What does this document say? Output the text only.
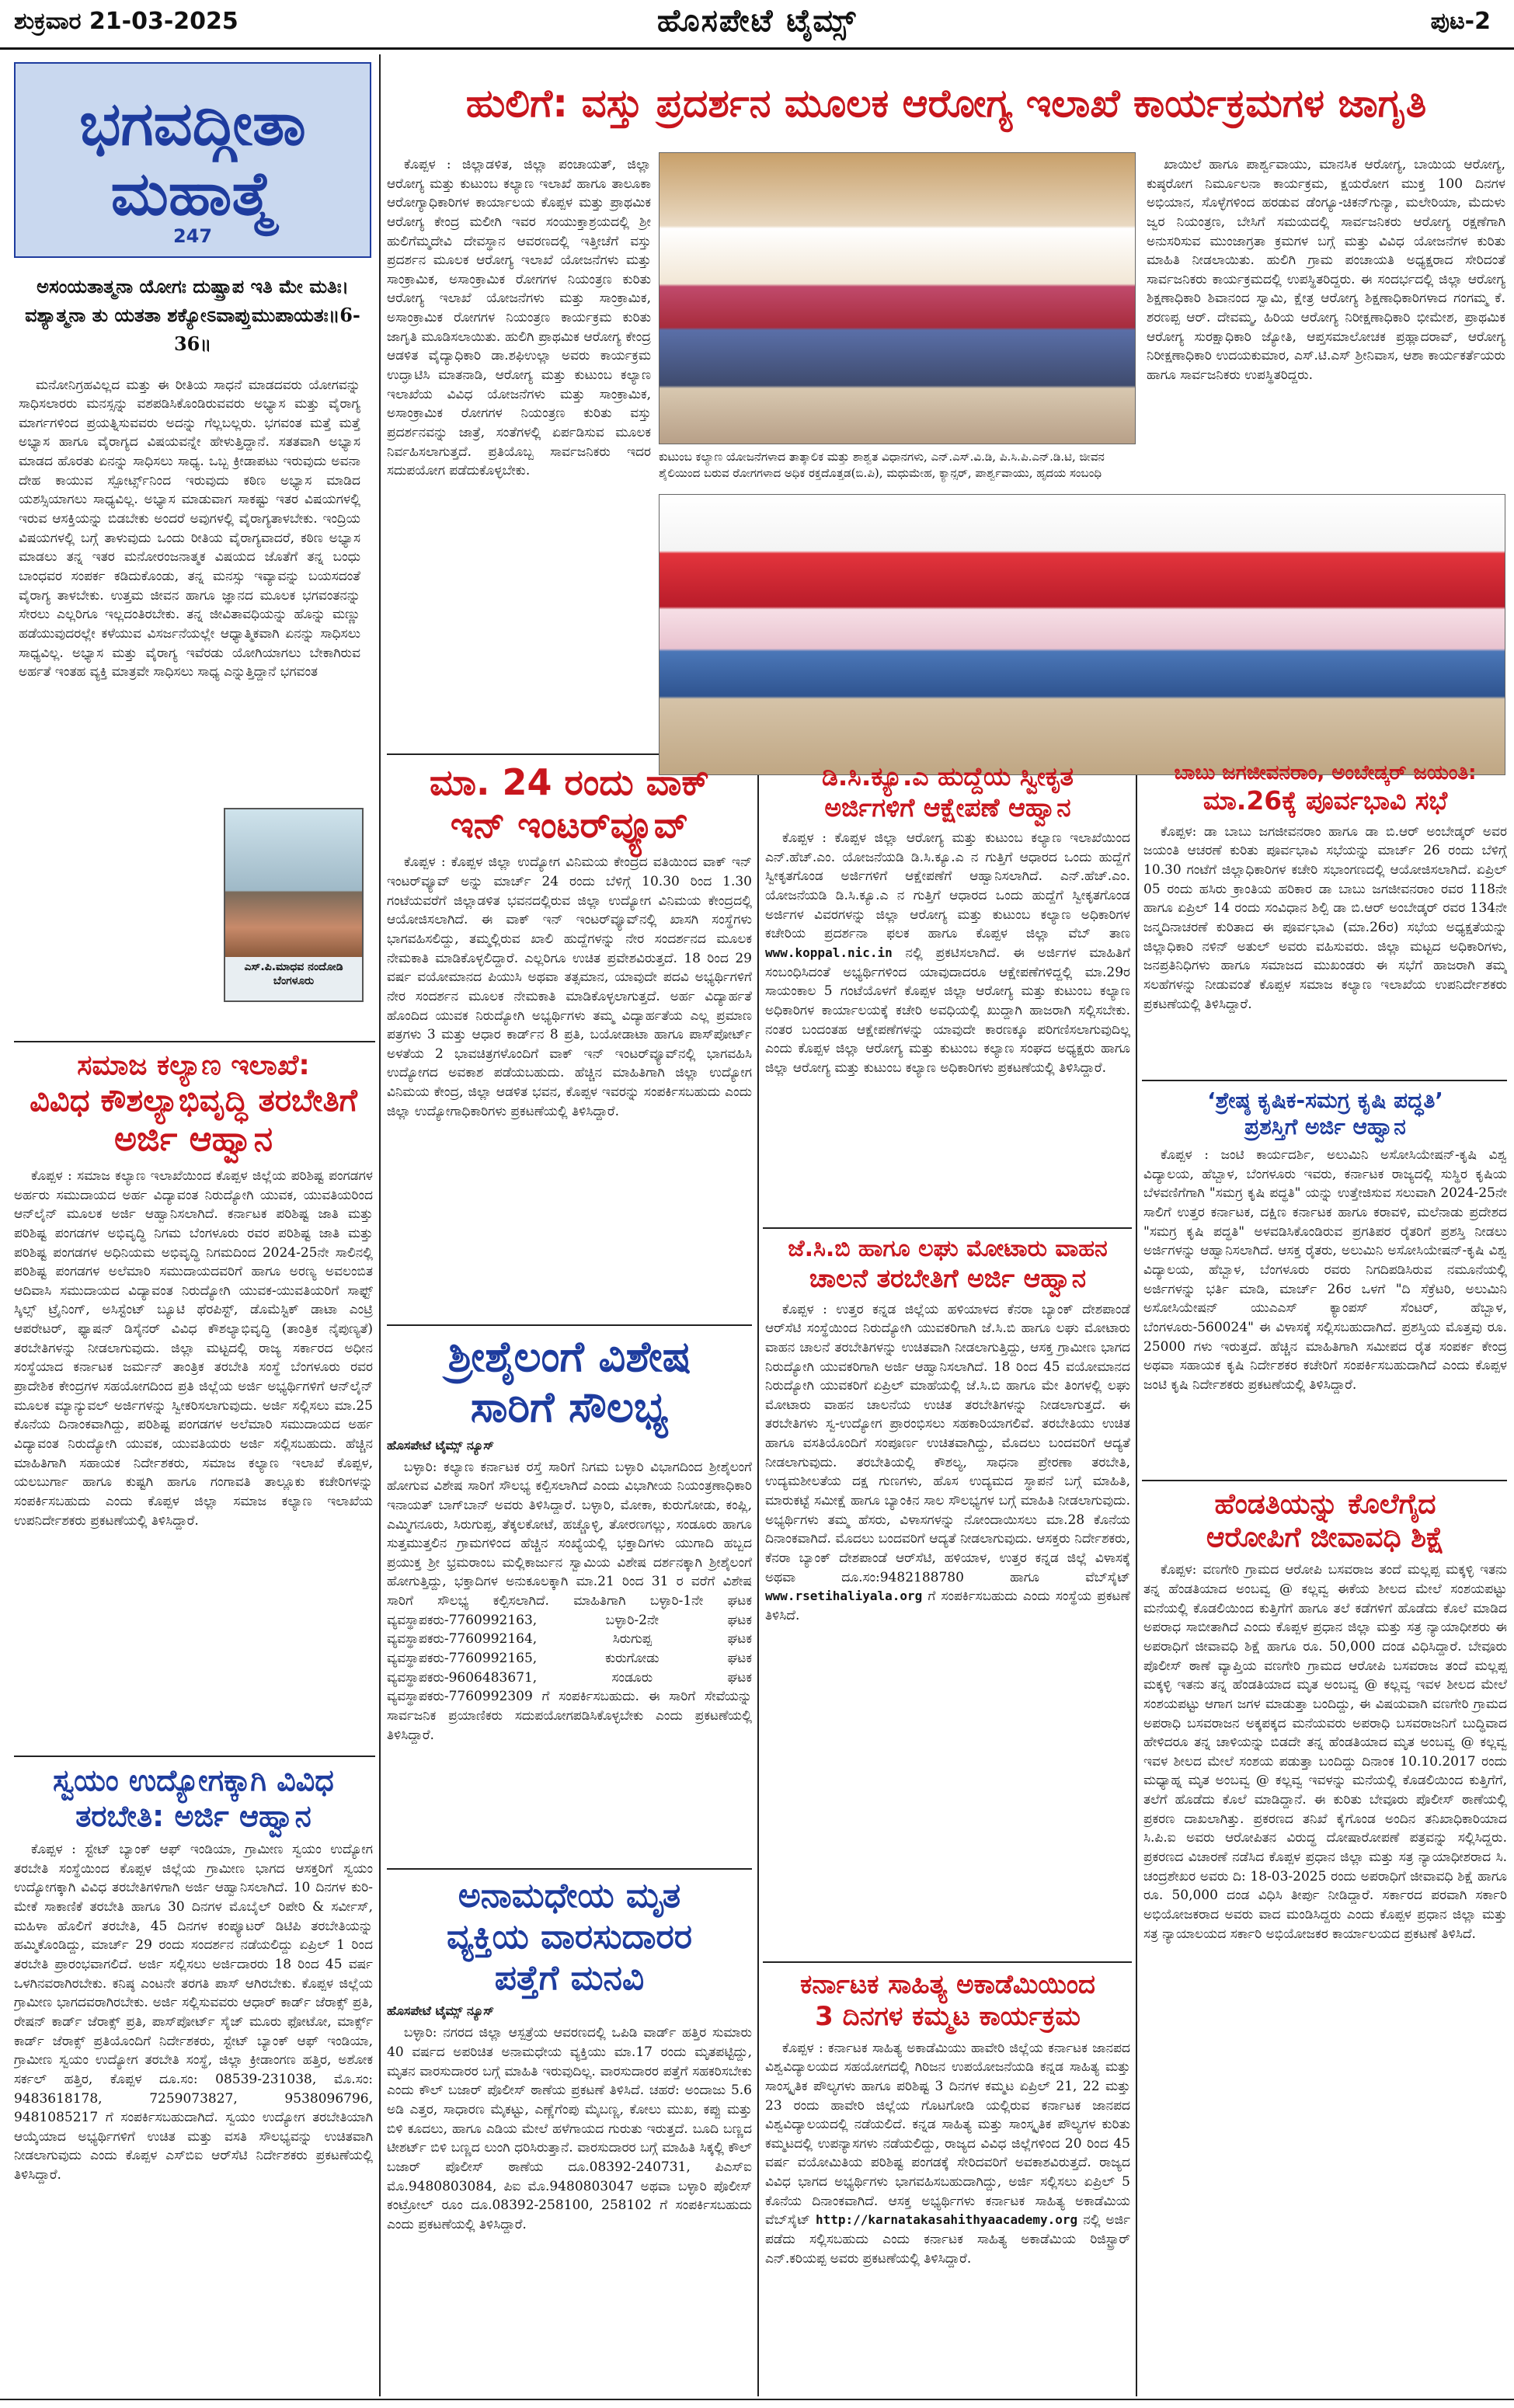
ಶುಕ್ರವಾರ 21-03-2025	ಹೊಸಪೇಟೆ ಟೈಮ್ಸ್	ಪುಟ-2
ಭಗವದ್ಗೀತಾ
ಮಹಾತ್ಮೆ
247
ಅಸಂಯತಾತ್ಮನಾ ಯೋಗಃ ದುಷ್ಪ್ರಾಪ ಇತಿ ಮೇ ಮತಿಃ। ವಶ್ಯಾತ್ಮನಾ ತು ಯತತಾ ಶಕ್ಯೋಽವಾಪ್ತುಮುಪಾಯತಃ॥6-36॥

ಮನೋನಿಗ್ರಹವಿಲ್ಲದ ಮತ್ತು ಈ ರೀತಿಯ ಸಾಧನೆ ಮಾಡದವರು ಯೋಗವನ್ನು ಸಾಧಿಸಲಾರರು ಮನಸ್ಸನ್ನು ವಶಪಡಿಸಿಕೊಂಡಿರುವವರು ಅಭ್ಯಾಸ ಮತ್ತು ವೈರಾಗ್ಯ ಮಾರ್ಗಗಳಿಂದ ಪ್ರಯತ್ನಿಸುವವರು ಅದನ್ನು ಗೆಲ್ಲಬಲ್ಲರು. ಭಗವಂತ ಮತ್ತೆ ಮತ್ತೆ ಅಭ್ಯಾಸ ಹಾಗೂ ವೈರಾಗ್ಯದ ವಿಷಯವನ್ನೇ ಹೇಳುತ್ತಿದ್ದಾನೆ. ಸತತವಾಗಿ ಅಭ್ಯಾಸ ಮಾಡದ ಹೊರತು ಏನನ್ನು ಸಾಧಿಸಲು ಸಾಧ್ಯ. ಒಬ್ಬ ಕ್ರೀಡಾಪಟು ಇರುವುದು ಅವನಾ ದೇಹ ಕಾಯುವ ಸ್ಪೋರ್ಟ್ಸ್‌ನಿಂದ ಇರುವುದು ಕಠಿಣ ಅಭ್ಯಾಸ ಮಾಡಿದ ಯಶಸ್ಸಿಯಾಗಲು ಸಾಧ್ಯವಿಲ್ಲ. ಅಭ್ಯಾಸ ಮಾಡುವಾಗ ಸಾಕಷ್ಟು ಇತರ ವಿಷಯಗಳಲ್ಲಿ ಇರುವ ಆಸಕ್ತಿಯನ್ನು ಬಿಡಬೇಕು ಅಂದರೆ ಅವುಗಳಲ್ಲಿ ವೈರಾಗ್ಯತಾಳಬೇಕು. ಇಂದ್ರಿಯ ವಿಷಯಗಳಲ್ಲಿ ಬಗ್ಗೆ ತಾಳುವುದು ಒಂದು ರೀತಿಯ ವೈರಾಗ್ಯವಾದರೆ, ಕಠಿಣ ಅಭ್ಯಾಸ ಮಾಡಲು ತನ್ನ ಇತರ ಮನೋರಂಜನಾತ್ಮಕ ವಿಷಯದ ಜೊತೆಗೆ ತನ್ನ ಬಂಧು ಬಾಂಧವರ ಸಂಪರ್ಕ ಕಡಿದುಕೊಂಡು, ತನ್ನ ಮನಸ್ಸು ಇವ್ಯಾವನ್ನು ಬಯಸದಂತೆ ವೈರಾಗ್ಯ ತಾಳಬೇಕು. ಉತ್ತಮ ಜೀವನ ಹಾಗೂ ಜ್ಞಾನದ ಮೂಲಕ ಭಗವಂತನನ್ನು ಸೇರಲು ಎಲ್ಲರಿಗೂ ಇಲ್ಲದಂತಿರಬೇಕು. ತನ್ನ ಜೀವಿತಾವಧಿಯನ್ನು ಹೊನ್ನು ಮಣ್ಣು ಹಡೆಯುವುದರಲ್ಲೇ ಕಳೆಯುವ ವಿಸರ್ಜನೆಯಲ್ಲೇ ಆಧ್ಯಾತ್ಮಿಕವಾಗಿ ಏನನ್ನು ಸಾಧಿಸಲು ಸಾಧ್ಯವಿಲ್ಲ. ಅಭ್ಯಾಸ ಮತ್ತು ವೈರಾಗ್ಯ ಇವೆರಡು ಯೋಗಿಯಾಗಲು ಬೇಕಾಗಿರುವ ಅರ್ಹತೆ ಇಂತಹ ವ್ಯಕ್ತಿ ಮಾತ್ರವೇ ಸಾಧಿಸಲು ಸಾಧ್ಯ ಎನ್ನುತ್ತಿದ್ದಾನೆ ಭಗವಂತ

ಎಸ್.ಪಿ.ಮಾಧವ ನಂದೋಡಿ
ಬೆಂಗಳೂರು
ಸಮಾಜ ಕಲ್ಯಾಣ ಇಲಾಖೆ:
ವಿವಿಧ ಕೌಶಲ್ಯಾಭಿವೃದ್ಧಿ ತರಬೇತಿಗೆ
ಅರ್ಜಿ ಆಹ್ವಾನ

ಕೊಪ್ಪಳ : ಸಮಾಜ ಕಲ್ಯಾಣ ಇಲಾಖೆಯಿಂದ ಕೊಪ್ಪಳ ಜಿಲ್ಲೆಯ ಪರಿಶಿಷ್ಟ ಪಂಗಡಗಳ ಅರ್ಹರು ಸಮುದಾಯದ ಅರ್ಹ ವಿದ್ಯಾವಂತ ನಿರುದ್ಯೋಗಿ ಯುವಕ, ಯುವತಿಯರಿಂದ ಆನ್‌ಲೈನ್ ಮೂಲಕ ಅರ್ಜಿ ಆಹ್ವಾನಿಸಲಾಗಿದೆ. ಕರ್ನಾಟಕ ಪರಿಶಿಷ್ಟ ಜಾತಿ ಮತ್ತು ಪರಿಶಿಷ್ಟ ಪಂಗಡಗಳ ಅಭಿವೃದ್ಧಿ ನಿಗಮ ಬೆಂಗಳೂರು ರವರ ಪರಿಶಿಷ್ಟ ಜಾತಿ ಮತ್ತು ಪರಿಶಿಷ್ಟ ಪಂಗಡಗಳ ಅಧಿನಿಯಮ ಅಭಿವೃದ್ಧಿ ನಿಗಮದಿಂದ 2024-25ನೇ ಸಾಲಿನಲ್ಲಿ ಪರಿಶಿಷ್ಟ ಪಂಗಡಗಳ ಅಲೆಮಾರಿ ಸಮುದಾಯದವರಿಗೆ ಹಾಗೂ ಅರಣ್ಯ ಅವಲಂಬಿತ ಆದಿವಾಸಿ ಸಮುದಾಯದ ವಿದ್ಯಾವಂತ ನಿರುದ್ಯೋಗಿ ಯುವಕ-ಯುವತಿಯರಿಗೆ ಸಾಫ್ಟ್ ಸ್ಕಿಲ್ಸ್ ಟ್ರೈನಿಂಗ್, ಅಸಿಸ್ಟೆಂಟ್ ಬ್ಯೂಟಿ ಥೆರಪಿಸ್ಟ್, ಡೊಮೆಸ್ಟಿಕ್ ಡಾಟಾ ಎಂಟ್ರಿ ಆಪರೇಟರ್, ಫ್ಯಾಷನ್ ಡಿಸೈನರ್ ವಿವಿಧ ಕೌಶಲ್ಯಾಭಿವೃದ್ಧಿ (ತಾಂತ್ರಿಕ ನೈಪುಣ್ಯತೆ) ತರಬೇತಿಗಳನ್ನು ನೀಡಲಾಗುವುದು. ಜಿಲ್ಲಾ ಮಟ್ಟದಲ್ಲಿ ರಾಜ್ಯ ಸರ್ಕಾರದ ಅಧೀನ ಸಂಸ್ಥೆಯಾದ ಕರ್ನಾಟಕ ಜರ್ಮನ್ ತಾಂತ್ರಿಕ ತರಬೇತಿ ಸಂಸ್ಥೆ ಬೆಂಗಳೂರು ರವರ ಪ್ರಾದೇಶಿಕ ಕೇಂದ್ರಗಳ ಸಹಯೋಗದಿಂದ ಪ್ರತಿ ಜಿಲ್ಲೆಯ ಅರ್ಜಿ ಅಭ್ಯರ್ಥಿಗಳಿಗೆ ಆನ್‌ಲೈನ್ ಮೂಲಕ ಮ್ಯಾನ್ಯುವಲ್ ಅರ್ಜಿಗಳನ್ನು ಸ್ವೀಕರಿಸಲಾಗುವುದು. ಅರ್ಜಿ ಸಲ್ಲಿಸಲು ಮಾ.25 ಕೊನೆಯ ದಿನಾಂಕವಾಗಿದ್ದು, ಪರಿಶಿಷ್ಟ ಪಂಗಡಗಳ ಅಲೆಮಾರಿ ಸಮುದಾಯದ ಅರ್ಹ ವಿದ್ಯಾವಂತ ನಿರುದ್ಯೋಗಿ ಯುವಕ, ಯುವತಿಯರು ಅರ್ಜಿ ಸಲ್ಲಿಸಬಹುದು. ಹೆಚ್ಚಿನ ಮಾಹಿತಿಗಾಗಿ ಸಹಾಯಕ ನಿರ್ದೇಶಕರು, ಸಮಾಜ ಕಲ್ಯಾಣ ಇಲಾಖೆ ಕೊಪ್ಪಳ, ಯಲಬುರ್ಗಾ ಹಾಗೂ ಕುಷ್ಟಗಿ ಹಾಗೂ ಗಂಗಾವತಿ ತಾಲ್ಲೂಕು ಕಚೇರಿಗಳನ್ನು ಸಂಪರ್ಕಿಸಬಹುದು ಎಂದು ಕೊಪ್ಪಳ ಜಿಲ್ಲಾ ಸಮಾಜ ಕಲ್ಯಾಣ ಇಲಾಖೆಯ ಉಪನಿರ್ದೇಶಕರು ಪ್ರಕಟಣೆಯಲ್ಲಿ ತಿಳಿಸಿದ್ದಾರೆ.

ಸ್ವಯಂ ಉದ್ಯೋಗಕ್ಕಾಗಿ ವಿವಿಧ
ತರಬೇತಿ: ಅರ್ಜಿ ಆಹ್ವಾನ

ಕೊಪ್ಪಳ : ಸ್ಟೇಟ್ ಬ್ಯಾಂಕ್ ಆಫ್ ಇಂಡಿಯಾ, ಗ್ರಾಮೀಣ ಸ್ವಯಂ ಉದ್ಯೋಗ ತರಬೇತಿ ಸಂಸ್ಥೆಯಿಂದ ಕೊಪ್ಪಳ ಜಿಲ್ಲೆಯ ಗ್ರಾಮೀಣ ಭಾಗದ ಆಸಕ್ತರಿಗೆ ಸ್ವಯಂ ಉದ್ಯೋಗಕ್ಕಾಗಿ ವಿವಿಧ ತರಬೇತಿಗಳಿಗಾಗಿ ಅರ್ಜಿ ಆಹ್ವಾನಿಸಲಾಗಿದೆ. 10 ದಿನಗಳ ಕುರಿ-ಮೇಕೆ ಸಾಕಾಣಿಕೆ ತರಬೇತಿ ಹಾಗೂ 30 ದಿನಗಳ ಮೊಬೈಲ್ ರಿಪೇರಿ & ಸರ್ವೀಸ್, ಮಹಿಳಾ ಹೊಲಿಗೆ ತರಬೇತಿ, 45 ದಿನಗಳ ಕಂಪ್ಯೂಟರ್ ಡಿಟಿಪಿ ತರಬೇತಿಯನ್ನು ಹಮ್ಮಿಕೊಂಡಿದ್ದು, ಮಾರ್ಚ್ 29 ರಂದು ಸಂದರ್ಶನ ನಡೆಯಲಿದ್ದು ಏಪ್ರಿಲ್ 1 ರಿಂದ ತರಬೇತಿ ಪ್ರಾರಂಭವಾಗಲಿದೆ. ಅರ್ಜಿ ಸಲ್ಲಿಸಲು ಅರ್ಜಿದಾರರು 18 ರಿಂದ 45 ವರ್ಷ ಒಳಗಿನವರಾಗಿರಬೇಕು. ಕನಿಷ್ಠ ಎಂಟನೇ ತರಗತಿ ಪಾಸ್ ಆಗಿರಬೇಕು. ಕೊಪ್ಪಳ ಜಿಲ್ಲೆಯ ಗ್ರಾಮೀಣ ಭಾಗದವರಾಗಿರಬೇಕು. ಅರ್ಜಿ ಸಲ್ಲಿಸುವವರು ಆಧಾರ್ ಕಾರ್ಡ್ ಜೆರಾಕ್ಸ್ ಪ್ರತಿ, ರೇಷನ್ ಕಾರ್ಡ್ ಜೆರಾಕ್ಸ್ ಪ್ರತಿ, ಪಾಸ್‌ಪೋರ್ಟ್ ಸೈಜ್ ಮೂರು ಫೋಟೋ, ಮಾರ್ಕ್ಸ್ ಕಾರ್ಡ್ ಜೆರಾಕ್ಸ್ ಪ್ರತಿಯೊಂದಿಗೆ ನಿರ್ದೇಶಕರು, ಸ್ಟೇಟ್ ಬ್ಯಾಂಕ್ ಆಫ್ ಇಂಡಿಯಾ, ಗ್ರಾಮೀಣ ಸ್ವಯಂ ಉದ್ಯೋಗ ತರಬೇತಿ ಸಂಸ್ಥೆ, ಜಿಲ್ಲಾ ಕ್ರೀಡಾಂಗಣ ಹತ್ತಿರ, ಅಶೋಕ ಸರ್ಕಲ್ ಹತ್ತಿರ, ಕೊಪ್ಪಳ ದೂ.ಸಂ: 08539-231038, ಮೊ.ಸಂ: 9483618178, 7259073827, 9538096796, 9481085217 ಗೆ ಸಂಪರ್ಕಿಸಬಹುದಾಗಿದೆ. ಸ್ವಯಂ ಉದ್ಯೋಗ ತರಬೇತಿಯಾಗಿ ಆಯ್ಕೆಯಾದ ಅಭ್ಯರ್ಥಿಗಳಿಗೆ ಉಚಿತ ಮತ್ತು ವಸತಿ ಸೌಲಭ್ಯವನ್ನು ಉಚಿತವಾಗಿ ನೀಡಲಾಗುವುದು ಎಂದು ಕೊಪ್ಪಳ ಎಸ್‌ಬಿಐ ಆರ್‌ಸೆಟಿ ನಿರ್ದೇಶಕರು ಪ್ರಕಟಣೆಯಲ್ಲಿ ತಿಳಿಸಿದ್ದಾರೆ.

ಹುಲಿಗೆ: ವಸ್ತು ಪ್ರದರ್ಶನ ಮೂಲಕ ಆರೋಗ್ಯ ಇಲಾಖೆ ಕಾರ್ಯಕ್ರಮಗಳ ಜಾಗೃತಿ

ಕೊಪ್ಪಳ : ಜಿಲ್ಲಾಡಳಿತ, ಜಿಲ್ಲಾ ಪಂಚಾಯತ್, ಜಿಲ್ಲಾ ಆರೋಗ್ಯ ಮತ್ತು ಕುಟುಂಬ ಕಲ್ಯಾಣ ಇಲಾಖೆ ಹಾಗೂ ತಾಲೂಕಾ ಆರೋಗ್ಯಾಧಿಕಾರಿಗಳ ಕಾರ್ಯಾಲಯ ಕೊಪ್ಪಳ ಮತ್ತು ಪ್ರಾಥಮಿಕ ಆರೋಗ್ಯ ಕೇಂದ್ರ ಮಲೀಗಿ ಇವರ ಸಂಯುಕ್ತಾಶ್ರಯದಲ್ಲಿ ಶ್ರೀ ಹುಲಿಗೆಮ್ಮದೇವಿ ದೇವಸ್ಥಾನ ಆವರಣದಲ್ಲಿ ಇತ್ತೀಚೆಗೆ ವಸ್ತು ಪ್ರದರ್ಶನ ಮೂಲಕ ಆರೋಗ್ಯ ಇಲಾಖೆ ಯೋಜನೆಗಳು ಮತ್ತು ಸಾಂಕ್ರಾಮಿಕ, ಅಸಾಂಕ್ರಾಮಿಕ ರೋಗಗಳ ನಿಯಂತ್ರಣ ಕುರಿತು ಆರೋಗ್ಯ ಇಲಾಖೆ ಯೋಜನೆಗಳು ಮತ್ತು ಸಾಂಕ್ರಾಮಿಕ, ಅಸಾಂಕ್ರಾಮಿಕ ರೋಗಗಳ ನಿಯಂತ್ರಣ ಕಾರ್ಯಕ್ರಮ ಕುರಿತು ಜಾಗೃತಿ ಮೂಡಿಸಲಾಯಿತು. ಹುಲಿಗಿ ಪ್ರಾಥಮಿಕ ಆರೋಗ್ಯ ಕೇಂದ್ರ ಆಡಳಿತ ವೈದ್ಯಾಧಿಕಾರಿ ಡಾ.ಶಫಿಉಲ್ಲಾ ಅವರು ಕಾರ್ಯಕ್ರಮ ಉದ್ಘಾಟಿಸಿ ಮಾತನಾಡಿ, ಆರೋಗ್ಯ ಮತ್ತು ಕುಟುಂಬ ಕಲ್ಯಾಣ ಇಲಾಖೆಯ ವಿವಿಧ ಯೋಜನೆಗಳು ಮತ್ತು ಸಾಂಕ್ರಾಮಿಕ, ಅಸಾಂಕ್ರಾಮಿಕ ರೋಗಗಳ ನಿಯಂತ್ರಣ ಕುರಿತು ವಸ್ತು ಪ್ರದರ್ಶನವನ್ನು ಜಾತ್ರೆ, ಸಂತೆಗಳಲ್ಲಿ ಏರ್ಪಡಿಸುವ ಮೂಲಕ ನಿರ್ವಹಿಸಲಾಗುತ್ತದೆ. ಪ್ರತಿಯೊಬ್ಬ ಸಾರ್ವಜನಿಕರು ಇದರ ಸದುಪಯೋಗ ಪಡೆದುಕೊಳ್ಳಬೇಕು.

ಕುಟುಂಬ ಕಲ್ಯಾಣ ಯೋಜನೆಗಳಾದ ತಾತ್ಕಾಲಿಕ ಮತ್ತು ಶಾಶ್ವತ ವಿಧಾನಗಳು, ಎನ್.ಎಸ್.ವಿ.ಡಿ, ಪಿ.ಸಿ.ಪಿ.ಎನ್.ಡಿ.ಟಿ, ಜೀವನ ಶೈಲಿಯಿಂದ ಬರುವ ರೋಗಗಳಾದ ಅಧಿಕ ರಕ್ತದೊತ್ತಡ(ಬಿ.ಪಿ), ಮಧುಮೇಹ, ಕ್ಯಾನ್ಸರ್, ಪಾರ್ಶ್ವವಾಯು, ಹೃದಯ ಸಂಬಂಧಿ

ಖಾಯಿಲೆ ಹಾಗೂ ಪಾರ್ಶ್ವವಾಯು, ಮಾನಸಿಕ ಆರೋಗ್ಯ, ಬಾಯಿಯ ಆರೋಗ್ಯ, ಕುಷ್ಠರೋಗ ನಿರ್ಮೂಲನಾ ಕಾರ್ಯಕ್ರಮ, ಕ್ಷಯರೋಗ ಮುಕ್ತ 100 ದಿನಗಳ ಅಭಿಯಾನ, ಸೊಳ್ಳೆಗಳಿಂದ ಹರಡುವ ಡೆಂಗ್ಯೂ-ಚಿಕನ್‌ಗುನ್ಯಾ, ಮಲೇರಿಯಾ, ಮೆದುಳು ಜ್ವರ ನಿಯಂತ್ರಣ, ಬೇಸಿಗೆ ಸಮಯದಲ್ಲಿ ಸಾರ್ವಜನಿಕರು ಆರೋಗ್ಯ ರಕ್ಷಣೆಗಾಗಿ ಅನುಸರಿಸುವ ಮುಂಜಾಗ್ರತಾ ಕ್ರಮಗಳ ಬಗ್ಗೆ ಮತ್ತು ವಿವಿಧ ಯೋಜನೆಗಳ ಕುರಿತು ಮಾಹಿತಿ ನೀಡಲಾಯಿತು. ಹುಲಿಗಿ ಗ್ರಾಮ ಪಂಚಾಯತಿ ಅಧ್ಯಕ್ಷರಾದ ಸೇರಿದಂತೆ ಸಾರ್ವಜನಿಕರು ಕಾರ್ಯಕ್ರಮದಲ್ಲಿ ಉಪಸ್ಥಿತರಿದ್ದರು. ಈ ಸಂದರ್ಭದಲ್ಲಿ ಜಿಲ್ಲಾ ಆರೋಗ್ಯ ಶಿಕ್ಷಣಾಧಿಕಾರಿ ಶಿವಾನಂದ ಸ್ವಾಮಿ, ಕ್ಷೇತ್ರ ಆರೋಗ್ಯ ಶಿಕ್ಷಣಾಧಿಕಾರಿಗಳಾದ ಗಂಗಮ್ಮ ಕೆ. ಶರಣಪ್ಪ ಆರ್. ದೇವಮ್ಮ, ಹಿರಿಯ ಆರೋಗ್ಯ ನಿರೀಕ್ಷಣಾಧಿಕಾರಿ ಭೀಮೇಶ, ಪ್ರಾಥಮಿಕ ಆರೋಗ್ಯ ಸುರಕ್ಷಾಧಿಕಾರಿ ಜ್ಯೋತಿ, ಆಪ್ತಸಮಾಲೋಚಕ ಪ್ರಹ್ಲಾದರಾವ್, ಆರೋಗ್ಯ ನಿರೀಕ್ಷಣಾಧಿಕಾರಿ ಉದಯಕುಮಾರ, ಎಸ್.ಟಿ.ಎಸ್ ಶ್ರೀನಿವಾಸ, ಆಶಾ ಕಾರ್ಯಕರ್ತೆಯರು ಹಾಗೂ ಸಾರ್ವಜನಿಕರು ಉಪಸ್ಥಿತರಿದ್ದರು.

ಮಾ. 24 ರಂದು ವಾಕ್
ಇನ್ ಇಂಟರ್‌ವ್ಯೂವ್

ಕೊಪ್ಪಳ : ಕೊಪ್ಪಳ ಜಿಲ್ಲಾ ಉದ್ಯೋಗ ವಿನಿಮಯ ಕೇಂದ್ರದ ವತಿಯಿಂದ ವಾಕ್ ಇನ್ ಇಂಟರ್‌ವ್ಯೂವ್ ಅನ್ನು ಮಾರ್ಚ್ 24 ರಂದು ಬೆಳಿಗ್ಗೆ 10.30 ರಿಂದ 1.30 ಗಂಟೆಯವರೆಗೆ ಜಿಲ್ಲಾಡಳಿತ ಭವನದಲ್ಲಿರುವ ಜಿಲ್ಲಾ ಉದ್ಯೋಗ ವಿನಿಮಯ ಕೇಂದ್ರದಲ್ಲಿ ಆಯೋಜಿಸಲಾಗಿದೆ. ಈ ವಾಕ್ ಇನ್ ಇಂಟರ್‌ವ್ಯೂವ್‌ನಲ್ಲಿ ಖಾಸಗಿ ಸಂಸ್ಥೆಗಳು ಭಾಗವಹಿಸಲಿದ್ದು, ತಮ್ಮಲ್ಲಿರುವ ಖಾಲಿ ಹುದ್ದೆಗಳನ್ನು ನೇರ ಸಂದರ್ಶನದ ಮೂಲಕ ನೇಮಕಾತಿ ಮಾಡಿಕೊಳ್ಳಲಿದ್ದಾರೆ. ಎಲ್ಲರಿಗೂ ಉಚಿತ ಪ್ರವೇಶವಿರುತ್ತದೆ. 18 ರಿಂದ 29 ವರ್ಷ ವಯೋಮಾನದ ಪಿಯುಸಿ ಅಥವಾ ತತ್ಸಮಾನ, ಯಾವುದೇ ಪದವಿ ಅಭ್ಯರ್ಥಿಗಳಿಗೆ ನೇರ ಸಂದರ್ಶನ ಮೂಲಕ ನೇಮಕಾತಿ ಮಾಡಿಕೊಳ್ಳಲಾಗುತ್ತದೆ. ಅರ್ಹ ವಿದ್ಯಾರ್ಹತೆ ಹೊಂದಿದ ಯುವಕ ನಿರುದ್ಯೋಗಿ ಅಭ್ಯರ್ಥಿಗಳು ತಮ್ಮ ವಿದ್ಯಾರ್ಹತೆಯ ಎಲ್ಲ ಪ್ರಮಾಣ ಪತ್ರಗಳು 3 ಮತ್ತು ಆಧಾರ ಕಾರ್ಡ್‌ನ 8 ಪ್ರತಿ, ಬಯೋಡಾಟಾ ಹಾಗೂ ಪಾಸ್‌ಪೋರ್ಟ್ ಅಳತೆಯ 2 ಭಾವಚಿತ್ರಗಳೊಂದಿಗೆ ವಾಕ್ ಇನ್ ಇಂಟರ್‌ವ್ಯೂವ್‌ನಲ್ಲಿ ಭಾಗವಹಿಸಿ ಉದ್ಯೋಗದ ಅವಕಾಶ ಪಡೆಯಬಹುದು. ಹೆಚ್ಚಿನ ಮಾಹಿತಿಗಾಗಿ ಜಿಲ್ಲಾ ಉದ್ಯೋಗ ವಿನಿಮಯ ಕೇಂದ್ರ, ಜಿಲ್ಲಾ ಆಡಳಿತ ಭವನ, ಕೊಪ್ಪಳ ಇವರನ್ನು ಸಂಪರ್ಕಿಸಬಹುದು ಎಂದು ಜಿಲ್ಲಾ ಉದ್ಯೋಗಾಧಿಕಾರಿಗಳು ಪ್ರಕಟಣೆಯಲ್ಲಿ ತಿಳಿಸಿದ್ದಾರೆ.

ಶ್ರೀಶೈಲಂಗೆ ವಿಶೇಷ
ಸಾರಿಗೆ ಸೌಲಭ್ಯ
ಹೊಸಪೇಟೆ ಟೈಮ್ಸ್ ನ್ಯೂಸ್

ಬಳ್ಳಾರಿ: ಕಲ್ಯಾಣ ಕರ್ನಾಟಕ ರಸ್ತೆ ಸಾರಿಗೆ ನಿಗಮ ಬಳ್ಳಾರಿ ವಿಭಾಗದಿಂದ ಶ್ರೀಶೈಲಂಗೆ ಹೋಗುವ ವಿಶೇಷ ಸಾರಿಗೆ ಸೌಲಭ್ಯ ಕಲ್ಪಿಸಲಾಗಿದೆ ಎಂದು ವಿಭಾಗೀಯ ನಿಯಂತ್ರಣಾಧಿಕಾರಿ ಇನಾಯತ್ ಬಾಗ್‌ಬಾನ್ ಅವರು ತಿಳಿಸಿದ್ದಾರೆ. ಬಳ್ಳಾರಿ, ಮೋಕಾ, ಕುರುಗೋಡು, ಕಂಪ್ಲಿ, ಎಮ್ಮಿಗನೂರು, ಸಿರುಗುಪ್ಪ, ತೆಕ್ಕಲಕೋಟೆ, ಹಚ್ಚೊಳ್ಳಿ, ತೋರಣಗಲ್ಲು, ಸಂಡೂರು ಹಾಗೂ ಸುತ್ತಮುತ್ತಲಿನ ಗ್ರಾಮಗಳಿಂದ ಹೆಚ್ಚಿನ ಸಂಖ್ಯೆಯಲ್ಲಿ ಭಕ್ತಾದಿಗಳು ಯುಗಾದಿ ಹಬ್ಬದ ಪ್ರಯುಕ್ತ ಶ್ರೀ ಭ್ರಮರಾಂಬ ಮಲ್ಲಿಕಾರ್ಜುನ ಸ್ವಾಮಿಯ ವಿಶೇಷ ದರ್ಶನಕ್ಕಾಗಿ ಶ್ರೀಶೈಲಂಗೆ ಹೋಗುತ್ತಿದ್ದು, ಭಕ್ತಾದಿಗಳ ಅನುಕೂಲಕ್ಕಾಗಿ ಮಾ.21 ರಿಂದ 31 ರ ವರೆಗೆ ವಿಶೇಷ ಸಾರಿಗೆ ಸೌಲಭ್ಯ ಕಲ್ಪಿಸಲಾಗಿದೆ. ಮಾಹಿತಿಗಾಗಿ ಬಳ್ಳಾರಿ-1ನೇ ಘಟಕ ವ್ಯವಸ್ಥಾಪಕರು-7760992163, ಬಳ್ಳಾರಿ-2ನೇ ಘಟಕ ವ್ಯವಸ್ಥಾಪಕರು-7760992164, ಸಿರುಗುಪ್ಪ ಘಟಕ ವ್ಯವಸ್ಥಾಪಕರು-7760992165, ಕುರುಗೋಡು ಘಟಕ ವ್ಯವಸ್ಥಾಪಕರು-9606483671, ಸಂಡೂರು ಘಟಕ ವ್ಯವಸ್ಥಾಪಕರು-7760992309 ಗೆ ಸಂಪರ್ಕಿಸಬಹುದು. ಈ ಸಾರಿಗೆ ಸೇವೆಯನ್ನು ಸಾರ್ವಜನಿಕ ಪ್ರಯಾಣಿಕರು ಸದುಪಯೋಗಪಡಿಸಿಕೊಳ್ಳಬೇಕು ಎಂದು ಪ್ರಕಟಣೆಯಲ್ಲಿ ತಿಳಿಸಿದ್ದಾರೆ.

ಅನಾಮಧೇಯ ಮೃತ
ವ್ಯಕ್ತಿಯ ವಾರಸುದಾರರ
ಪತ್ತೆಗೆ ಮನವಿ
ಹೊಸಪೇಟೆ ಟೈಮ್ಸ್ ನ್ಯೂಸ್

ಬಳ್ಳಾರಿ: ನಗರದ ಜಿಲ್ಲಾ ಆಸ್ಪತ್ರೆಯ ಆವರಣದಲ್ಲಿ ಒಪಿಡಿ ವಾರ್ಡ್ ಹತ್ತಿರ ಸುಮಾರು 40 ವರ್ಷದ ಅಪರಿಚಿತ ಅನಾಮಧೇಯ ವ್ಯಕ್ತಿಯು ಮಾ.17 ರಂದು ಮೃತಪಟ್ಟಿದ್ದು, ಮೃತನ ವಾರಸುದಾರರ ಬಗ್ಗೆ ಮಾಹಿತಿ ಇರುವುದಿಲ್ಲ. ವಾರಸುದಾರರ ಪತ್ತೆಗೆ ಸಹಕರಿಸಬೇಕು ಎಂದು ಕೌಲ್ ಬಜಾರ್ ಪೊಲೀಸ್ ಠಾಣೆಯ ಪ್ರಕಟಣೆ ತಿಳಿಸಿದೆ. ಚಹರೆ: ಅಂದಾಜು 5.6 ಅಡಿ ಎತ್ತರ, ಸಾಧಾರಣ ಮೈಕಟ್ಟು, ಎಣ್ಣೆಗೆಂಪು ಮೈಬಣ್ಣ, ಕೋಲು ಮುಖ, ಕಪ್ಪು ಮತ್ತು ಬಿಳಿ ಕೂದಲು, ಹಾಗೂ ಎಡಿಯ ಮೇಲೆ ಹಳೆಗಾಯದ ಗುರುತು ಇರುತ್ತದೆ. ಬೂದಿ ಬಣ್ಣದ ಟೀಶರ್ಟ್ ಬಿಳಿ ಬಣ್ಣದ ಲುಂಗಿ ಧರಿಸಿರುತ್ತಾನೆ. ವಾರಸುದಾರರ ಬಗ್ಗೆ ಮಾಹಿತಿ ಸಿಕ್ಕಲ್ಲಿ ಕೌಲ್ ಬಜಾರ್ ಪೊಲೀಸ್ ಠಾಣೆಯ ದೂ.08392-240731, ಪಿಎಸ್‌ಐ ಮೊ.9480803084, ಪಿಐ ಮೊ.9480803047 ಅಥವಾ ಬಳ್ಳಾರಿ ಪೊಲೀಸ್ ಕಂಟ್ರೋಲ್ ರೂಂ ದೂ.08392-258100, 258102 ಗೆ ಸಂಪರ್ಕಿಸಬಹುದು ಎಂದು ಪ್ರಕಟಣೆಯಲ್ಲಿ ತಿಳಿಸಿದ್ದಾರೆ.

ಡಿ.ಸಿ.ಕ್ಯೂ.ಎ ಹುದ್ದೆಯ ಸ್ವೀಕೃತ
ಅರ್ಜಿಗಳಿಗೆ ಆಕ್ಷೇಪಣೆ ಆಹ್ವಾನ

ಕೊಪ್ಪಳ : ಕೊಪ್ಪಳ ಜಿಲ್ಲಾ ಆರೋಗ್ಯ ಮತ್ತು ಕುಟುಂಬ ಕಲ್ಯಾಣ ಇಲಾಖೆಯಿಂದ ಎನ್.ಹೆಚ್.ಎಂ. ಯೋಜನೆಯಡಿ ಡಿ.ಸಿ.ಕ್ಯೂ.ಎ ನ ಗುತ್ತಿಗೆ ಆಧಾರದ ಒಂದು ಹುದ್ದೆಗೆ ಸ್ವೀಕೃತಗೊಂಡ ಅರ್ಜಿಗಳಿಗೆ ಆಕ್ಷೇಪಣೆಗೆ ಆಹ್ವಾನಿಸಲಾಗಿದೆ. ಎನ್.ಹೆಚ್.ಎಂ. ಯೋಜನೆಯಡಿ ಡಿ.ಸಿ.ಕ್ಯೂ.ಎ ನ ಗುತ್ತಿಗೆ ಆಧಾರದ ಒಂದು ಹುದ್ದೆಗೆ ಸ್ವೀಕೃತಗೊಂಡ ಅರ್ಜಿಗಳ ವಿವರಗಳನ್ನು ಜಿಲ್ಲಾ ಆರೋಗ್ಯ ಮತ್ತು ಕುಟುಂಬ ಕಲ್ಯಾಣ ಅಧಿಕಾರಿಗಳ ಕಚೇರಿಯ ಪ್ರದರ್ಶನಾ ಫಲಕ ಹಾಗೂ ಕೊಪ್ಪಳ ಜಿಲ್ಲಾ ವೆಬ್ ತಾಣ www.koppal.nic.in ನಲ್ಲಿ ಪ್ರಕಟಿಸಲಾಗಿದೆ. ಈ ಅರ್ಜಿಗಳ ಮಾಹಿತಿಗೆ ಸಂಬಂಧಿಸಿದಂತೆ ಅಭ್ಯರ್ಥಿಗಳಿಂದ ಯಾವುದಾದರೂ ಆಕ್ಷೇಪಣೆಗಳಿದ್ದಲ್ಲಿ ಮಾ.29ರ ಸಾಯಂಕಾಲ 5 ಗಂಟೆಯೊಳಗೆ ಕೊಪ್ಪಳ ಜಿಲ್ಲಾ ಆರೋಗ್ಯ ಮತ್ತು ಕುಟುಂಬ ಕಲ್ಯಾಣ ಅಧಿಕಾರಿಗಳ ಕಾರ್ಯಾಲಯಕ್ಕೆ ಕಚೇರಿ ಅವಧಿಯಲ್ಲಿ ಖುದ್ದಾಗಿ ಹಾಜರಾಗಿ ಸಲ್ಲಿಸಬೇಕು. ನಂತರ ಬಂದಂತಹ ಆಕ್ಷೇಪಣೆಗಳನ್ನು ಯಾವುದೇ ಕಾರಣಕ್ಕೂ ಪರಿಗಣಿಸಲಾಗುವುದಿಲ್ಲ ಎಂದು ಕೊಪ್ಪಳ ಜಿಲ್ಲಾ ಆರೋಗ್ಯ ಮತ್ತು ಕುಟುಂಬ ಕಲ್ಯಾಣ ಸಂಘದ ಅಧ್ಯಕ್ಷರು ಹಾಗೂ ಜಿಲ್ಲಾ ಆರೋಗ್ಯ ಮತ್ತು ಕುಟುಂಬ ಕಲ್ಯಾಣ ಅಧಿಕಾರಿಗಳು ಪ್ರಕಟಣೆಯಲ್ಲಿ ತಿಳಿಸಿದ್ದಾರೆ.

ಜೆ.ಸಿ.ಬಿ ಹಾಗೂ ಲಘು ಮೋಟಾರು ವಾಹನ
ಚಾಲನೆ ತರಬೇತಿಗೆ ಅರ್ಜಿ ಆಹ್ವಾನ

ಕೊಪ್ಪಳ : ಉತ್ತರ ಕನ್ನಡ ಜಿಲ್ಲೆಯ ಹಳಿಯಾಳದ ಕೆನರಾ ಬ್ಯಾಂಕ್ ದೇಶಪಾಂಡೆ ಆರ್‌ಸೆಟಿ ಸಂಸ್ಥೆಯಿಂದ ನಿರುದ್ಯೋಗಿ ಯುವಕರಿಗಾಗಿ ಜೆ.ಸಿ.ಬಿ ಹಾಗೂ ಲಘು ಮೋಟಾರು ವಾಹನ ಚಾಲನೆ ತರಬೇತಿಗಳನ್ನು ಉಚಿತವಾಗಿ ನೀಡಲಾಗುತ್ತಿದ್ದು, ಆಸಕ್ತ ಗ್ರಾಮೀಣ ಭಾಗದ ನಿರುದ್ಯೋಗಿ ಯುವಕರಿಗಾಗಿ ಅರ್ಜಿ ಆಹ್ವಾನಿಸಲಾಗಿದೆ. 18 ರಿಂದ 45 ವಯೋಮಾನದ ನಿರುದ್ಯೋಗಿ ಯುವಕರಿಗೆ ಏಪ್ರಿಲ್ ಮಾಹೆಯಲ್ಲಿ ಜೆ.ಸಿ.ಬಿ ಹಾಗೂ ಮೇ ತಿಂಗಳಲ್ಲಿ ಲಘು ಮೋಟಾರು ವಾಹನ ಚಾಲನೆಯ ಉಚಿತ ತರಬೇತಿಗಳನ್ನು ನೀಡಲಾಗುತ್ತದೆ. ಈ ತರಬೇತಿಗಳು ಸ್ವ-ಉದ್ಯೋಗ ಪ್ರಾರಂಭಿಸಲು ಸಹಕಾರಿಯಾಗಲಿವೆ. ತರಬೇತಿಯು ಉಚಿತ ಹಾಗೂ ವಸತಿಯೊಂದಿಗೆ ಸಂಪೂರ್ಣ ಉಚಿತವಾಗಿದ್ದು, ಮೊದಲು ಬಂದವರಿಗೆ ಆದ್ಯತೆ ನೀಡಲಾಗುವುದು. ತರಬೇತಿಯಲ್ಲಿ ಕೌಶಲ್ಯ, ಸಾಧನಾ ಪ್ರೇರಣಾ ತರಬೇತಿ, ಉದ್ಯಮಶೀಲತೆಯ ದಕ್ಷ ಗುಣಗಳು, ಹೊಸ ಉದ್ಯಮದ ಸ್ಥಾಪನೆ ಬಗ್ಗೆ ಮಾಹಿತಿ, ಮಾರುಕಟ್ಟೆ ಸಮೀಕ್ಷೆ ಹಾಗೂ ಬ್ಯಾಂಕಿನ ಸಾಲ ಸೌಲಭ್ಯಗಳ ಬಗ್ಗೆ ಮಾಹಿತಿ ನೀಡಲಾಗುವುದು. ಅಭ್ಯರ್ಥಿಗಳು ತಮ್ಮ ಹೆಸರು, ವಿಳಾಸಗಳನ್ನು ನೋಂದಾಯಿಸಲು ಮಾ.28 ಕೊನೆಯ ದಿನಾಂಕವಾಗಿದೆ. ಮೊದಲು ಬಂದವರಿಗೆ ಆದ್ಯತೆ ನೀಡಲಾಗುವುದು. ಆಸಕ್ತರು ನಿರ್ದೇಶಕರು, ಕೆನರಾ ಬ್ಯಾಂಕ್ ದೇಶಪಾಂಡೆ ಆರ್‌ಸೆಟಿ, ಹಳಿಯಾಳ, ಉತ್ತರ ಕನ್ನಡ ಜಿಲ್ಲೆ ವಿಳಾಸಕ್ಕೆ ಅಥವಾ ದೂ.ಸಂ:9482188780 ಹಾಗೂ ವೆಬ್‌ಸೈಟ್ www.rsetihaliyala.org ಗೆ ಸಂಪರ್ಕಿಸಬಹುದು ಎಂದು ಸಂಸ್ಥೆಯ ಪ್ರಕಟಣೆ ತಿಳಿಸಿದೆ.

ಕರ್ನಾಟಕ ಸಾಹಿತ್ಯ ಅಕಾಡೆಮಿಯಿಂದ
3 ದಿನಗಳ ಕಮ್ಮಟ ಕಾರ್ಯಕ್ರಮ

ಕೊಪ್ಪಳ : ಕರ್ನಾಟಕ ಸಾಹಿತ್ಯ ಅಕಾಡೆಮಿಯು ಹಾವೇರಿ ಜಿಲ್ಲೆಯ ಕರ್ನಾಟಕ ಜಾನಪದ ವಿಶ್ವವಿದ್ಯಾಲಯದ ಸಹಯೋಗದಲ್ಲಿ ಗಿರಿಜನ ಉಪಯೋಜನೆಯಡಿ ಕನ್ನಡ ಸಾಹಿತ್ಯ ಮತ್ತು ಸಾಂಸ್ಕೃತಿಕ ಪೌಲ್ಯಗಳು ಹಾಗೂ ಪರಿಶಿಷ್ಟ 3 ದಿನಗಳ ಕಮ್ಮಟ ಏಪ್ರಿಲ್ 21, 22 ಮತ್ತು 23 ರಂದು ಹಾವೇರಿ ಜಿಲ್ಲೆಯ ಗೊಟಗೋಡಿ ಯಲ್ಲಿರುವ ಕರ್ನಾಟಕ ಜಾನಪದ ವಿಶ್ವವಿದ್ಯಾಲಯದಲ್ಲಿ ನಡೆಯಲಿದೆ. ಕನ್ನಡ ಸಾಹಿತ್ಯ ಮತ್ತು ಸಾಂಸ್ಕೃತಿಕ ಪೌಲ್ಯಗಳ ಕುರಿತು ಕಮ್ಮಟದಲ್ಲಿ ಉಪನ್ಯಾಸಗಳು ನಡೆಯಲಿದ್ದು, ರಾಜ್ಯದ ವಿವಿಧ ಜಿಲ್ಲೆಗಳಿಂದ 20 ರಿಂದ 45 ವರ್ಷ ವಯೋಮಿತಿಯ ಪರಿಶಿಷ್ಟ ಪಂಗಡಕ್ಕೆ ಸೇರಿದವರಿಗೆ ಅವಕಾಶವಿರುತ್ತದೆ. ರಾಜ್ಯದ ವಿವಿಧ ಭಾಗದ ಅಭ್ಯರ್ಥಿಗಳು ಭಾಗವಹಿಸಬಹುದಾಗಿದ್ದು, ಅರ್ಜಿ ಸಲ್ಲಿಸಲು ಏಪ್ರಿಲ್ 5 ಕೊನೆಯ ದಿನಾಂಕವಾಗಿದೆ. ಆಸಕ್ತ ಅಭ್ಯರ್ಥಿಗಳು ಕರ್ನಾಟಕ ಸಾಹಿತ್ಯ ಅಕಾಡೆಮಿಯ ವೆಬ್‌ಸೈಟ್ http://karnatakasahithyaacademy.org ನಲ್ಲಿ ಅರ್ಜಿ ಪಡೆದು ಸಲ್ಲಿಸಬಹುದು ಎಂದು ಕರ್ನಾಟಕ ಸಾಹಿತ್ಯ ಅಕಾಡೆಮಿಯ ರಿಜಿಸ್ಟ್ರಾರ್ ಎನ್.ಕರಿಯಪ್ಪ ಅವರು ಪ್ರಕಟಣೆಯಲ್ಲಿ ತಿಳಿಸಿದ್ದಾರೆ.

ಬಾಬು ಜಗಜೀವನರಾಂ, ಅಂಬೇಡ್ಕರ್ ಜಯಂತಿ:
ಮಾ.26ಕ್ಕೆ ಪೂರ್ವಭಾವಿ ಸಭೆ

ಕೊಪ್ಪಳ: ಡಾ ಬಾಬು ಜಗಜೀವನರಾಂ ಹಾಗೂ ಡಾ ಬಿ.ಆರ್ ಅಂಬೇಡ್ಕರ್ ಅವರ ಜಯಂತಿ ಆಚರಣೆ ಕುರಿತು ಪೂರ್ವಭಾವಿ ಸಭೆಯನ್ನು ಮಾರ್ಚ್ 26 ರಂದು ಬೆಳಿಗ್ಗೆ 10.30 ಗಂಟೆಗೆ ಜಿಲ್ಲಾಧಿಕಾರಿಗಳ ಕಚೇರಿ ಸಭಾಂಗಣದಲ್ಲಿ ಆಯೋಜಿಸಲಾಗಿದೆ. ಏಪ್ರಿಲ್ 05 ರಂದು ಹಸಿರು ಕ್ರಾಂತಿಯ ಹರಿಕಾರ ಡಾ ಬಾಬು ಜಗಜೀವನರಾಂ ರವರ 118ನೇ ಹಾಗೂ ಏಪ್ರಿಲ್ 14 ರಂದು ಸಂವಿಧಾನ ಶಿಲ್ಪಿ ಡಾ ಬಿ.ಆರ್ ಅಂಬೇಡ್ಕರ್ ರವರ 134ನೇ ಜನ್ಮದಿನಾಚರಣೆ ಕುರಿತಾದ ಈ ಪೂರ್ವಭಾವಿ (ಮಾ.26ರ) ಸಭೆಯ ಅಧ್ಯಕ್ಷತೆಯನ್ನು ಜಿಲ್ಲಾಧಿಕಾರಿ ನಳಿನ್ ಅತುಲ್ ಅವರು ವಹಿಸುವರು. ಜಿಲ್ಲಾ ಮಟ್ಟದ ಅಧಿಕಾರಿಗಳು, ಜನಪ್ರತಿನಿಧಿಗಳು ಹಾಗೂ ಸಮಾಜದ ಮುಖಂಡರು ಈ ಸಭೆಗೆ ಹಾಜರಾಗಿ ತಮ್ಮ ಸಲಹೆಗಳನ್ನು ನೀಡುವಂತೆ ಕೊಪ್ಪಳ ಸಮಾಜ ಕಲ್ಯಾಣ ಇಲಾಖೆಯ ಉಪನಿರ್ದೇಶಕರು ಪ್ರಕಟಣೆಯಲ್ಲಿ ತಿಳಿಸಿದ್ದಾರೆ.

‘ಶ್ರೇಷ್ಠ ಕೃಷಿಕ-ಸಮಗ್ರ ಕೃಷಿ ಪದ್ಧತಿ’
ಪ್ರಶಸ್ತಿಗೆ ಅರ್ಜಿ ಆಹ್ವಾನ

ಕೊಪ್ಪಳ : ಜಂಟಿ ಕಾರ್ಯದರ್ಶಿ, ಅಲುಮಿನಿ ಅಸೋಸಿಯೇಷನ್-ಕೃಷಿ ವಿಶ್ವ ವಿದ್ಯಾಲಯ, ಹೆಬ್ಬಾಳ, ಬೆಂಗಳೂರು ಇವರು, ಕರ್ನಾಟಕ ರಾಜ್ಯದಲ್ಲಿ ಸುಸ್ಥಿರ ಕೃಷಿಯ ಬೆಳವಣಿಗೆಗಾಗಿ "ಸಮಗ್ರ ಕೃಷಿ ಪದ್ಧತಿ" ಯನ್ನು ಉತ್ತೇಜಿಸುವ ಸಲುವಾಗಿ 2024-25ನೇ ಸಾಲಿಗೆ ಉತ್ತರ ಕರ್ನಾಟಕ, ದಕ್ಷಿಣ ಕರ್ನಾಟಕ ಹಾಗೂ ಕರಾವಳಿ, ಮಲೆನಾಡು ಪ್ರದೇಶದ "ಸಮಗ್ರ ಕೃಷಿ ಪದ್ಧತಿ" ಅಳವಡಿಸಿಕೊಂಡಿರುವ ಪ್ರಗತಿಪರ ರೈತರಿಗೆ ಪ್ರಶಸ್ತಿ ನೀಡಲು ಅರ್ಜಿಗಳನ್ನು ಆಹ್ವಾನಿಸಲಾಗಿದೆ. ಆಸಕ್ತ ರೈತರು, ಅಲುಮಿನಿ ಅಸೋಸಿಯೇಷನ್-ಕೃಷಿ ವಿಶ್ವ ವಿದ್ಯಾಲಯ, ಹೆಬ್ಬಾಳ, ಬೆಂಗಳೂರು ರವರು ನಿಗದಿಪಡಿಸಿರುವ ನಮೂನೆಯಲ್ಲಿ ಅರ್ಜಿಗಳನ್ನು ಭರ್ತಿ ಮಾಡಿ, ಮಾರ್ಚ್ 26ರ ಒಳಗೆ "ದಿ ಸೆಕ್ರೆಟರಿ, ಅಲುಮಿನಿ ಅಸೋಸಿಯೇಷನ್ ಯುಎಎಸ್ ಕ್ಯಾಂಪಸ್ ಸೆಂಟರ್, ಹೆಬ್ಬಾಳ, ಬೆಂಗಳೂರು-560024" ಈ ವಿಳಾಸಕ್ಕೆ ಸಲ್ಲಿಸಬಹುದಾಗಿದೆ. ಪ್ರಶಸ್ತಿಯ ಮೊತ್ತವು ರೂ. 25000 ಗಳು ಇರುತ್ತದೆ. ಹೆಚ್ಚಿನ ಮಾಹಿತಿಗಾಗಿ ಸಮೀಪದ ರೈತ ಸಂಪರ್ಕ ಕೇಂದ್ರ ಅಥವಾ ಸಹಾಯಕ ಕೃಷಿ ನಿರ್ದೇಶಕರ ಕಚೇರಿಗೆ ಸಂಪರ್ಕಿಸಬಹುದಾಗಿದೆ ಎಂದು ಕೊಪ್ಪಳ ಜಂಟಿ ಕೃಷಿ ನಿರ್ದೇಶಕರು ಪ್ರಕಟಣೆಯಲ್ಲಿ ತಿಳಿಸಿದ್ದಾರೆ.

ಹೆಂಡತಿಯನ್ನು ಕೊಲೆಗೈದ
ಆರೋಪಿಗೆ ಜೀವಾವಧಿ ಶಿಕ್ಷೆ

ಕೊಪ್ಪಳ: ವಣಗೇರಿ ಗ್ರಾಮದ ಆರೋಪಿ ಬಸವರಾಜ ತಂದೆ ಮಲ್ಲಪ್ಪ ಮಕ್ಕಳ್ಳಿ ಇತನು ತನ್ನ ಹೆಂಡತಿಯಾದ ಅಂಬವ್ವ @ ಕಲ್ಲವ್ವ ಈಕೆಯ ಶೀಲದ ಮೇಲೆ ಸಂಶಯಪಟ್ಟು ಮನೆಯಲ್ಲಿ ಕೊಡಲಿಯಿಂದ ಕುತ್ತಿಗೆಗೆ ಹಾಗೂ ತಲೆ ಕಡೆಗಳಿಗೆ ಹೊಡೆದು ಕೊಲೆ ಮಾಡಿದ ಅಪರಾಧ ಸಾಬೀತಾಗಿದೆ ಎಂದು ಕೊಪ್ಪಳ ಪ್ರಧಾನ ಜಿಲ್ಲಾ ಮತ್ತು ಸತ್ರ ನ್ಯಾಯಾಧೀಶರು ಈ ಅಪರಾಧಿಗೆ ಜೀವಾವಧಿ ಶಿಕ್ಷೆ ಹಾಗೂ ರೂ. 50,000 ದಂಡ ವಿಧಿಸಿದ್ದಾರೆ. ಬೇವೂರು ಪೊಲೀಸ್ ಠಾಣೆ ವ್ಯಾಪ್ತಿಯ ವಣಗೇರಿ ಗ್ರಾಮದ ಆರೋಪಿ ಬಸವರಾಜ ತಂದೆ ಮಲ್ಲಪ್ಪ ಮಕ್ಕಳ್ಳಿ ಇತನು ತನ್ನ ಹೆಂಡತಿಯಾದ ಮೃತ ಅಂಬವ್ವ @ ಕಲ್ಲವ್ವ ಇವಳ ಶೀಲದ ಮೇಲೆ ಸಂಶಯಪಟ್ಟು ಆಗಾಗ ಜಗಳ ಮಾಡುತ್ತಾ ಬಂದಿದ್ದು, ಈ ವಿಷಯವಾಗಿ ವಣಗೇರಿ ಗ್ರಾಮದ ಅಪರಾಧಿ ಬಸವರಾಜನ ಅಕ್ಕಪಕ್ಕದ ಮನೆಯವರು ಅಪರಾಧಿ ಬಸವರಾಜನಿಗೆ ಬುದ್ಧಿವಾದ ಹೇಳಿದರೂ ತನ್ನ ಚಾಳಿಯನ್ನು ಬಿಡದೇ ತನ್ನ ಹೆಂಡತಿಯಾದ ಮೃತ ಅಂಬವ್ವ @ ಕಲ್ಲವ್ವ ಇವಳ ಶೀಲದ ಮೇಲೆ ಸಂಶಯ ಪಡುತ್ತಾ ಬಂದಿದ್ದು ದಿನಾಂಕ 10.10.2017 ರಂದು ಮಧ್ಯಾಹ್ನ ಮೃತ ಅಂಬವ್ವ @ ಕಲ್ಲವ್ವ ಇವಳನ್ನು ಮನೆಯಲ್ಲಿ ಕೊಡಲಿಯಿಂದ ಕುತ್ತಿಗೆಗೆ, ತಲೆಗೆ ಹೊಡೆದು ಕೊಲೆ ಮಾಡಿದ್ದಾನೆ. ಈ ಕುರಿತು ಬೇವೂರು ಪೊಲೀಸ್ ಠಾಣೆಯಲ್ಲಿ ಪ್ರಕರಣ ದಾಖಲಾಗಿತ್ತು. ಪ್ರಕರಣದ ತನಿಖೆ ಕೈಗೊಂಡ ಅಂದಿನ ತನಿಖಾಧಿಕಾರಿಯಾದ ಸಿ.ಪಿ.ಐ ಅವರು ಆರೋಪಿತನ ವಿರುದ್ಧ ದೋಷಾರೋಪಣೆ ಪತ್ರವನ್ನು ಸಲ್ಲಿಸಿದ್ದರು. ಪ್ರಕರಣದ ವಿಚಾರಣೆ ನಡೆಸಿದ ಕೊಪ್ಪಳ ಪ್ರಧಾನ ಜಿಲ್ಲಾ ಮತ್ತು ಸತ್ರ ನ್ಯಾಯಾಧೀಶರಾದ ಸಿ. ಚಂದ್ರಶೇಖರ ಅವರು ದಿ: 18-03-2025 ರಂದು ಅಪರಾಧಿಗೆ ಜೀವಾವಧಿ ಶಿಕ್ಷೆ ಹಾಗೂ ರೂ. 50,000 ದಂಡ ವಿಧಿಸಿ ತೀರ್ಪು ನೀಡಿದ್ದಾರೆ. ಸರ್ಕಾರದ ಪರವಾಗಿ ಸರ್ಕಾರಿ ಅಭಿಯೋಜಕರಾದ ಅವರು ವಾದ ಮಂಡಿಸಿದ್ದರು ಎಂದು ಕೊಪ್ಪಳ ಪ್ರಧಾನ ಜಿಲ್ಲಾ ಮತ್ತು ಸತ್ರ ನ್ಯಾಯಾಲಯದ ಸರ್ಕಾರಿ ಅಭಿಯೋಜಕರ ಕಾರ್ಯಾಲಯದ ಪ್ರಕಟಣೆ ತಿಳಿಸಿದೆ.
